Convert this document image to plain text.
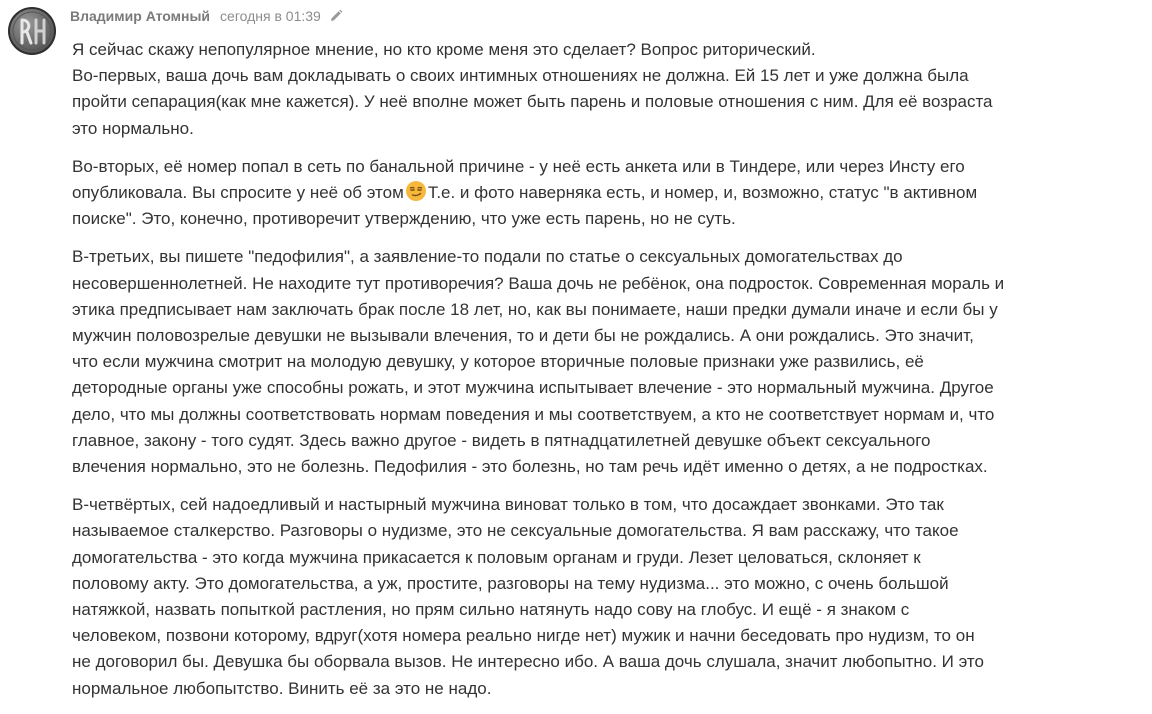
Владимир Атомный сегодня в 01:39

Я сейчас скажу непопулярное мнение, но кто кроме меня это сделает? Вопрос риторический.
Во-первых, ваша дочь вам докладывать о своих интимных отношениях не должна. Ей 15 лет и уже должна была
пройти сепарация(как мне кажется). У неё вполне может быть парень и половые отношения с ним. Для её возраста
это нормально.

Во-вторых, её номер попал в сеть по банальной причине - у неё есть анкета или в Тиндере, или через Инсту его
опубликовала. Вы спросите у неё об этом Т.е. и фото наверняка есть, и номер, и, возможно, статус "в активном
поиске". Это, конечно, противоречит утверждению, что уже есть парень, но не суть.

В-третьих, вы пишете "педофилия", а заявление-то подали по статье о сексуальных домогательствах до
несовершеннолетней. Не находите тут противоречия? Ваша дочь не ребёнок, она подросток. Современная мораль и
этика предписывает нам заключать брак после 18 лет, но, как вы понимаете, наши предки думали иначе и если бы у
мужчин половозрелые девушки не вызывали влечения, то и дети бы не рождались. А они рождались. Это значит,
что если мужчина смотрит на молодую девушку, у которое вторичные половые признаки уже развились, её
детородные органы уже способны рожать, и этот мужчина испытывает влечение - это нормальный мужчина. Другое
дело, что мы должны соответствовать нормам поведения и мы соответствуем, а кто не соответствует нормам и, что
главное, закону - того судят. Здесь важно другое - видеть в пятнадцатилетней девушке объект сексуального
влечения нормально, это не болезнь. Педофилия - это болезнь, но там речь идёт именно о детях, а не подростках.

В-четвёртых, сей надоедливый и настырный мужчина виноват только в том, что досаждает звонками. Это так
называемое сталкерство. Разговоры о нудизме, это не сексуальные домогательства. Я вам расскажу, что такое
домогательства - это когда мужчина прикасается к половым органам и груди. Лезет целоваться, склоняет к
половому акту. Это домогательства, а уж, простите, разговоры на тему нудизма... это можно, с очень большой
натяжкой, назвать попыткой растления, но прям сильно натянуть надо сову на глобус. И ещё - я знаком с
человеком, позвони которому, вдруг(хотя номера реально нигде нет) мужик и начни беседовать про нудизм, то он
не договорил бы. Девушка бы оборвала вызов. Не интересно ибо. А ваша дочь слушала, значит любопытно. И это
нормальное любопытство. Винить её за это не надо.
